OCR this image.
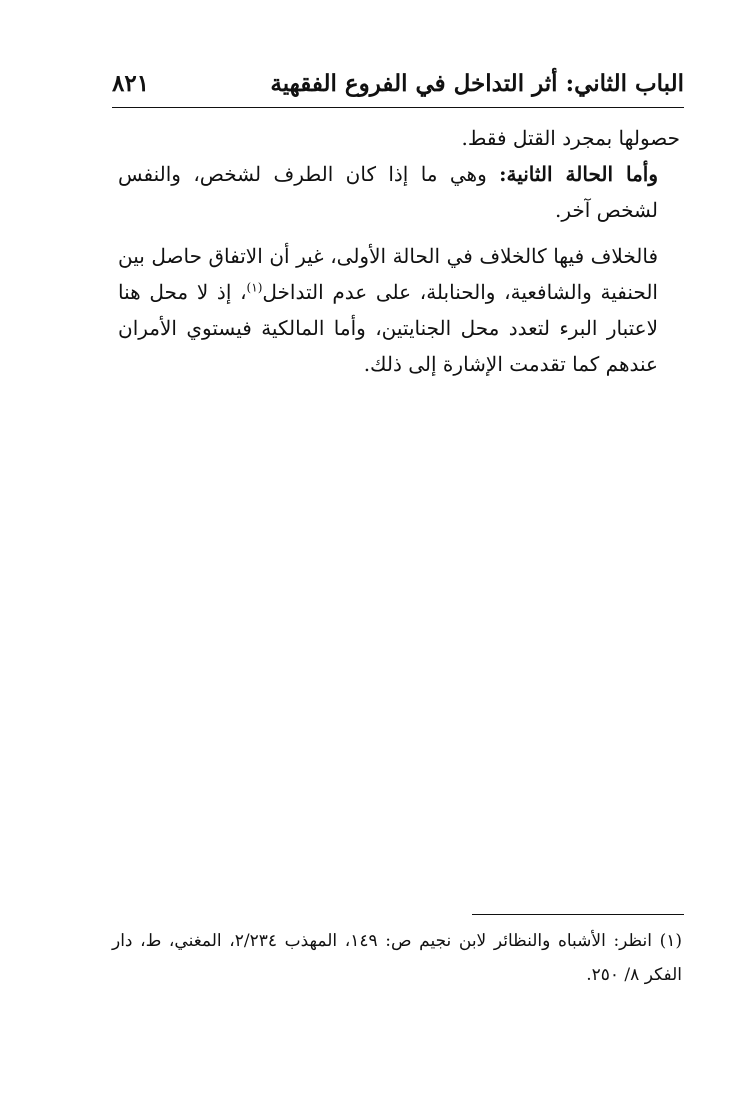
الباب الثاني: أثر التداخل في الفروع الفقهية
٨٢١

حصولها بمجرد القتل فقط.

وأما الحالة الثانية: وهي ما إذا كان الطرف لشخص، والنفس لشخص آخر.

فالخلاف فيها كالخلاف في الحالة الأولى، غير أن الاتفاق حاصل بين الحنفية والشافعية، والحنابلة، على عدم التداخل$^{(١)}$، إذ لا محل هنا لاعتبار البرء لتعدد محل الجنايتين، وأما المالكية فيستوي الأمران عندهم كما تقدمت الإشارة إلى ذلك.

(١) انظر: الأشباه والنظائر لابن نجيم ص: ١٤٩، المهذب ٢/٢٣٤، المغني، ط، دار الفكر ٨/ ٢٥٠.
